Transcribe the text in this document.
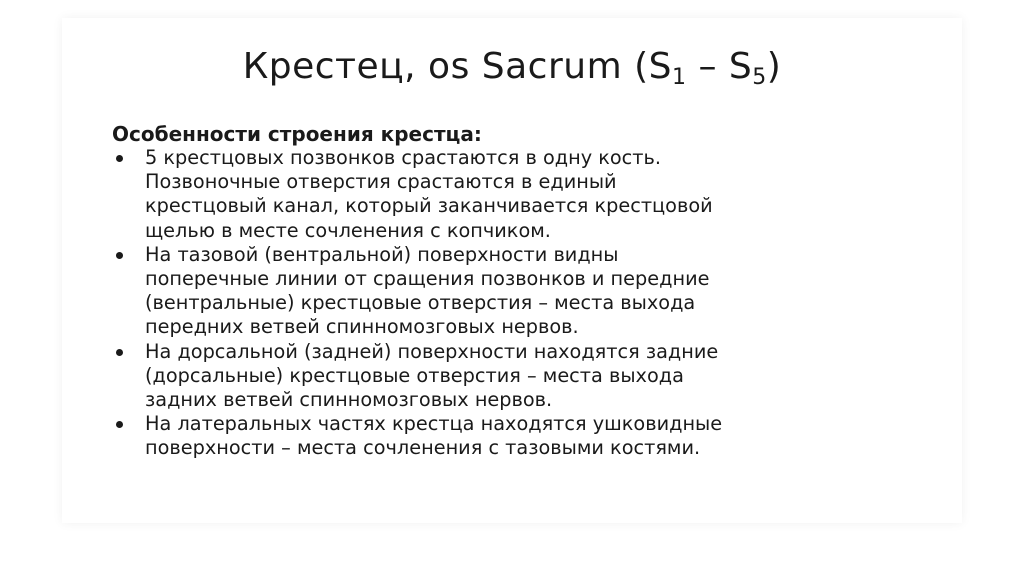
Крестец, os Sacrum $(S_1 - S_5)$
Особенности строения крестца:
5 крестцовых позвонков срастаются в одну кость.
Позвоночные отверстия срастаются в единый
крестцовый канал, который заканчивается крестцовой
щелью в месте сочленения с копчиком.
На тазовой (вентральной) поверхности видны
поперечные линии от сращения позвонков и передние
(вентральные) крестцовые отверстия – места выхода
передних ветвей спинномозговых нервов.
На дорсальной (задней) поверхности находятся задние
(дорсальные) крестцовые отверстия – места выхода
задних ветвей спинномозговых нервов.
На латеральных частях крестца находятся ушковидные
поверхности – места сочленения с тазовыми костями.
